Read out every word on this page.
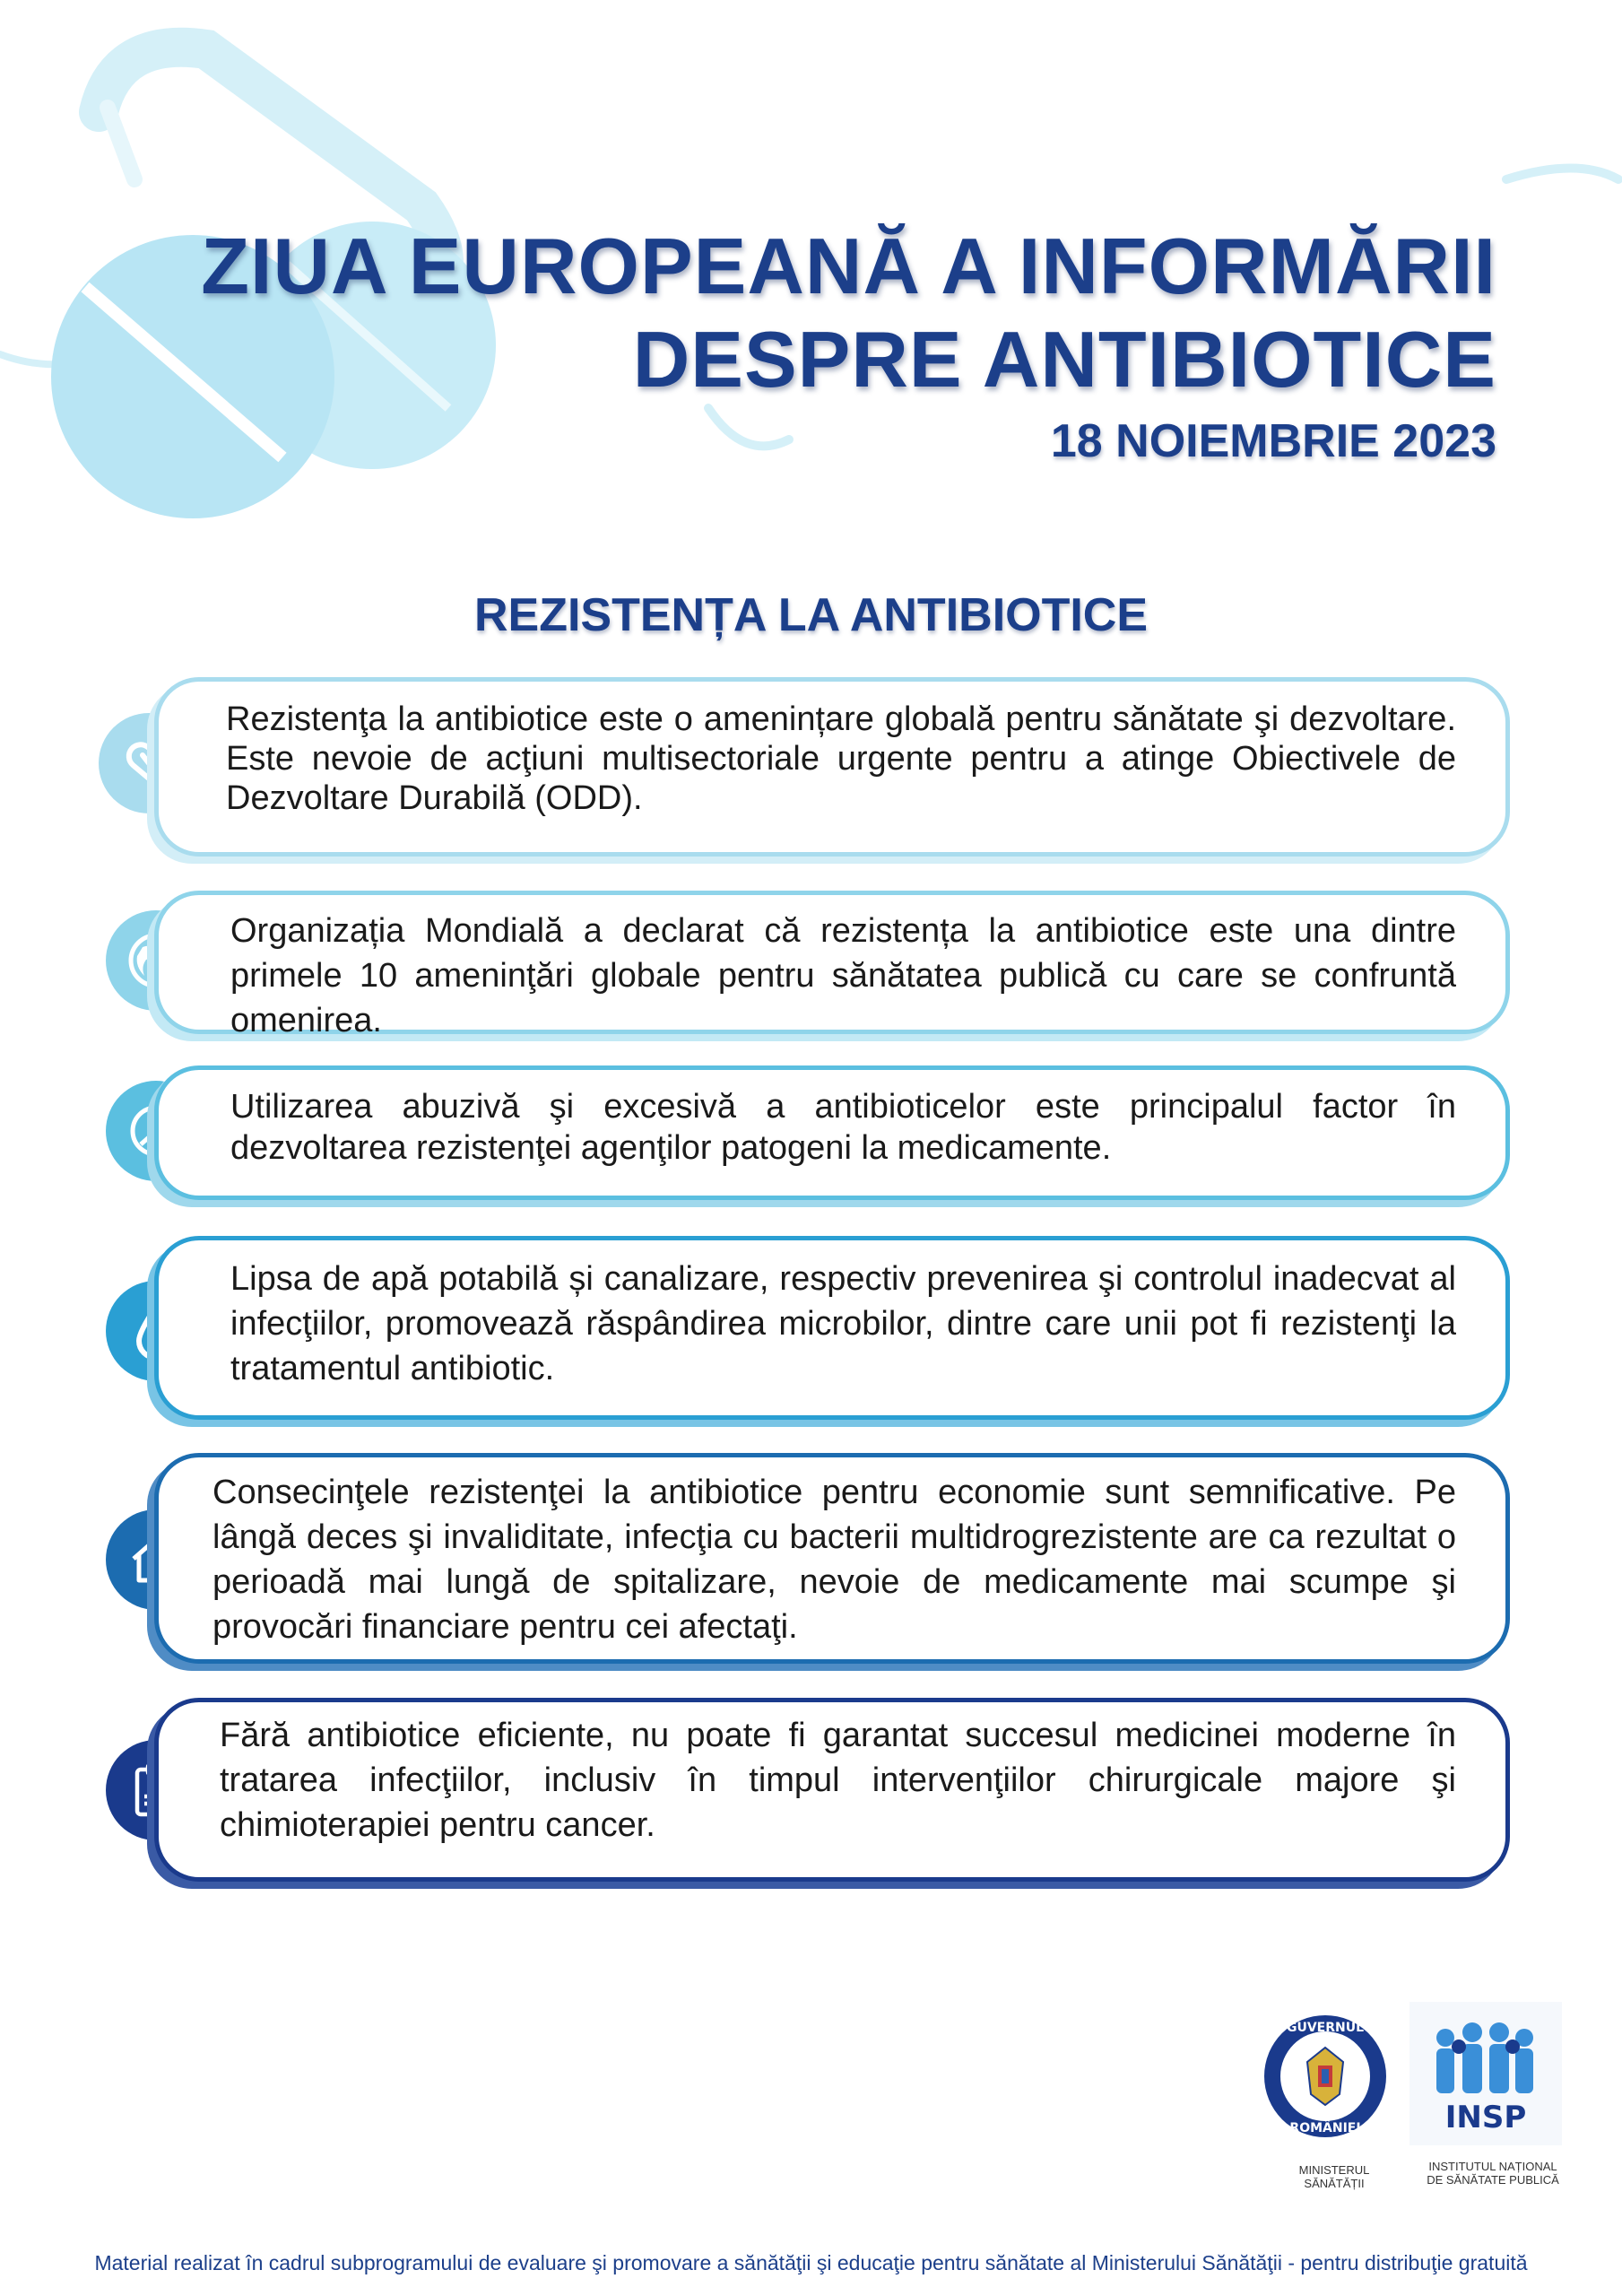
ZIUA EUROPEANĂ A INFORMĂRII
DESPRE ANTIBIOTICE
18 NOIEMBRIE 2023
REZISTENȚA LA ANTIBIOTICE
Rezistenţa la antibiotice este o amenințare globală pentru sănătate şi dezvoltare. Este nevoie de acţiuni multisectoriale urgente pentru a atinge Obiectivele de Dezvoltare Durabilă (ODD).
Organizația Mondială a declarat că rezistența la antibiotice este una dintre primele 10 ameninţări globale pentru sănătatea publică cu care se confruntă omenirea.
Utilizarea abuzivă şi excesivă a antibioticelor este principalul factor în dezvoltarea rezistenţei agenţilor patogeni la medicamente.
Lipsa de apă potabilă și canalizare, respectiv prevenirea şi controlul inadecvat al infecţiilor, promovează răspândirea microbilor, dintre care unii pot fi rezistenţi la tratamentul antibiotic.
Consecinţele rezistenţei la antibiotice pentru economie sunt semnificative. Pe lângă deces şi invaliditate, infecţia cu bacterii multidrogrezistente are ca rezultat o perioadă mai lungă de spitalizare, nevoie de medicamente mai scumpe şi provocări financiare pentru cei afectaţi.
Fără antibiotice eficiente, nu poate fi garantat succesul medicinei moderne în tratarea infecţiilor, inclusiv în timpul intervenţiilor chirurgicale majore şi chimioterapiei pentru cancer.
GUVERNUL
ROMÂNIEI
MINISTERUL SĂNĂTĂȚII
INSP
INSTITUTUL NAȚIONAL DE SĂNĂTATE PUBLICĂ
Material realizat în cadrul subprogramului de evaluare şi promovare a sănătăţii şi educaţie pentru sănătate al Ministerului Sănătăţii - pentru distribuţie gratuită
